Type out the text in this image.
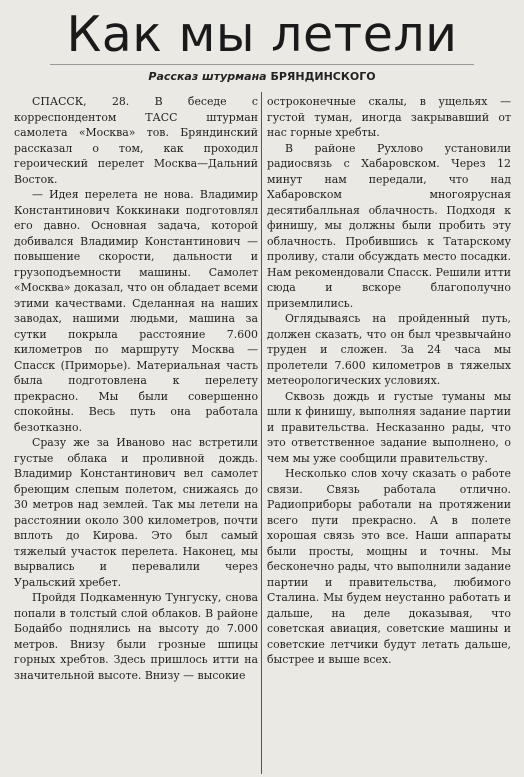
Как мы летели
Рассказ штурмана БРЯНДИНСКОГО

СПАССК, 28. В беседе с корреспондентом ТАСС штурман самолета «Москва» тов. Бряндинский рассказал о том, как проходил героический перелет Москва—Дальний Восток.

— Идея перелета не нова. Владимир Константинович Коккинаки подготовлял его давно. Основная задача, которой добивался Владимир Константинович — повышение скорости, дальности и грузоподъемности машины. Самолет «Москва» доказал, что он обладает всеми этими качествами. Сделанная на наших заводах, нашими людьми, машина за сутки покрыла расстояние 7.600 километров по маршруту Москва — Спасск (Приморье). Материальная часть была подготовлена к перелету прекрасно. Мы были совершенно спокойны. Весь путь она работала безотказно.

Сразу же за Иваново нас встретили густые облака и проливной дождь. Владимир Константинович вел самолет бреющим слепым полетом, снижаясь до 30 метров над землей. Так мы летели на расстоянии около 300 километров, почти вплоть до Кирова. Это был самый тяжелый участок перелета. Наконец, мы вырвались и перевалили через Уральский хребет.

Пройдя Подкаменную Тунгуску, снова попали в толстый слой облаков. В районе Бодайбо поднялись на высоту до 7.000 метров. Внизу были грозные шпицы горных хребтов. Здесь пришлось итти на значительной высоте. Внизу — высокие

остроконечные скалы, в ущельях — густой туман, иногда закрывавший от нас горные хребты.

В районе Рухлово установили радиосвязь с Хабаровском. Через 12 минут нам передали, что над Хабаровском многоярусная десятибалльная облачность. Подходя к финишу, мы должны были пробить эту облачность. Пробившись к Татарскому проливу, стали обсуждать место посадки. Нам рекомендовали Спасск. Решили итти сюда и вскоре благополучно приземлились.

Оглядываясь на пройденный путь, должен сказать, что он был чрезвычайно труден и сложен. За 24 часа мы пролетели 7.600 километров в тяжелых метеорологических условиях.

Сквозь дождь и густые туманы мы шли к финишу, выполняя задание партии и правительства. Несказанно рады, что это ответственное задание выполнено, о чем мы уже сообщили правительству.

Несколько слов хочу сказать о работе связи. Связь работала отлично. Радиоприборы работали на протяжении всего пути прекрасно. А в полете хорошая связь это все. Наши аппараты были просты, мощны и точны. Мы бесконечно рады, что выполнили задание партии и правительства, любимого Сталина. Мы будем неустанно работать и дальше, на деле доказывая, что советская авиация, советские машины и советские летчики будут летать дальше, быстрее и выше всех.
